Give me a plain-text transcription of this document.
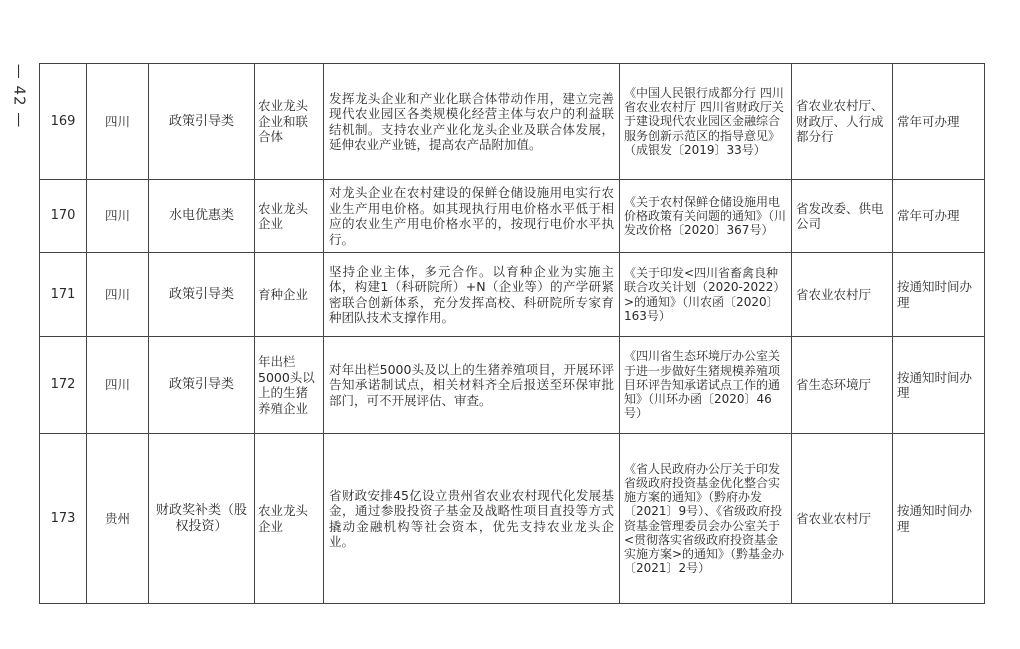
— 42 — 169	四川	政策引导类	农业龙头企业和联合体	发挥龙头企业和产业化联合体带动作用，建立完善现代农业园区各类规模化经营主体与农户的利益联结机制。支持农业产业化龙头企业及联合体发展，延伸农业产业链，提高农产品附加值。	《中国人民银行成都分行 四川省农业农村厅 四川省财政厅关于建设现代农业园区金融综合服务创新示范区的指导意见》（成银发〔2019〕33号）	省农业农村厅、财政厅、人行成都分行	常年可办理
170	四川	水电优惠类	农业龙头企业	对龙头企业在农村建设的保鲜仓储设施用电实行农业生产用电价格。如其现执行用电价格水平低于相应的农业生产用电价格水平的，按现行电价水平执行。	《关于农村保鲜仓储设施用电价格政策有关问题的通知》（川发改价格〔2020〕367号）	省发改委、供电公司	常年可办理
171	四川	政策引导类	育种企业	坚持企业主体，多元合作。以育种企业为实施主体，构建1（科研院所）+N（企业等）的产学研紧密联合创新体系，充分发挥高校、科研院所专家育种团队技术支撑作用。	《关于印发<四川省畜禽良种联合攻关计划（2020-2022）>的通知》（川农函〔2020〕163号）	省农业农村厅	按通知时间办理
172	四川	政策引导类	年出栏5000头以上的生猪养殖企业	对年出栏5000头及以上的生猪养殖项目，开展环评告知承诺制试点，相关材料齐全后报送至环保审批部门，可不开展评估、审查。	《四川省生态环境厅办公室关于进一步做好生猪规模养殖项目环评告知承诺试点工作的通知》（川环办函〔2020〕46号）	省生态环境厅	按通知时间办理
173	贵州	财政奖补类（股权投资）	农业龙头企业	省财政安排45亿设立贵州省农业农村现代化发展基金，通过参股投资子基金及战略性项目直投等方式撬动金融机构等社会资本，优先支持农业龙头企业。	《省人民政府办公厅关于印发省级政府投资基金优化整合实施方案的通知》（黔府办发〔2021〕9号）、《省级政府投资基金管理委员会办公室关于<贯彻落实省级政府投资基金实施方案>的通知》（黔基金办〔2021〕2号）	省农业农村厅	按通知时间办理
